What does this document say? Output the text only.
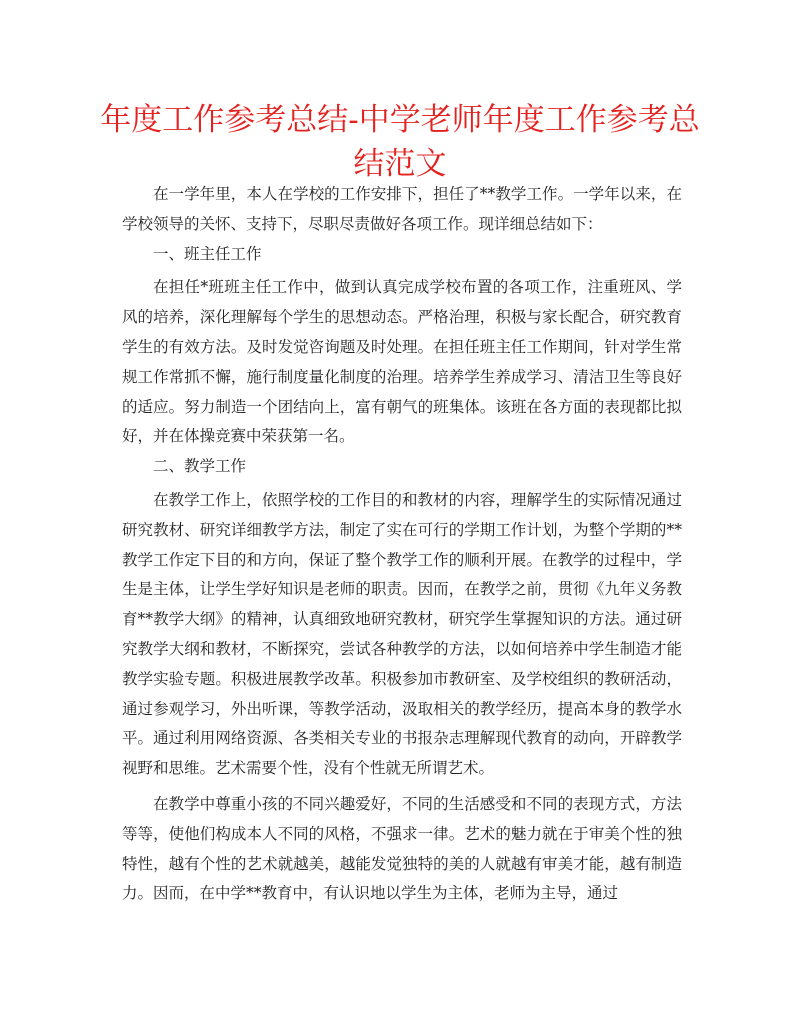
年度工作参考总结-中学老师年度工作参考总结范文

在一学年里，本人在学校的工作安排下，担任了**教学工作。一学年以来，在学校领导的关怀、支持下，尽职尽责做好各项工作。现详细总结如下：

一、班主任工作

在担任*班班主任工作中，做到认真完成学校布置的各项工作，注重班风、学风的培养，深化理解每个学生的思想动态。严格治理，积极与家长配合，研究教育学生的有效方法。及时发觉咨询题及时处理。在担任班主任工作期间，针对学生常规工作常抓不懈，施行制度量化制度的治理。培养学生养成学习、清洁卫生等良好的适应。努力制造一个团结向上，富有朝气的班集体。该班在各方面的表现都比拟好，并在体操竞赛中荣获第一名。

二、教学工作

在教学工作上，依照学校的工作目的和教材的内容，理解学生的实际情况通过研究教材、研究详细教学方法，制定了实在可行的学期工作计划，为整个学期的**教学工作定下目的和方向，保证了整个教学工作的顺利开展。在教学的过程中，学生是主体，让学生学好知识是老师的职责。因而，在教学之前，贯彻《九年义务教育**教学大纲》的精神，认真细致地研究教材，研究学生掌握知识的方法。通过研究教学大纲和教材，不断探究，尝试各种教学的方法，以如何培养中学生制造才能教学实验专题。积极进展教学改革。积极参加市教研室、及学校组织的教研活动，通过参观学习，外出听课，等教学活动，汲取相关的教学经历，提高本身的教学水平。通过利用网络资源、各类相关专业的书报杂志理解现代教育的动向，开辟教学视野和思维。艺术需要个性，没有个性就无所谓艺术。

在教学中尊重小孩的不同兴趣爱好，不同的生活感受和不同的表现方式，方法等等，使他们构成本人不同的风格，不强求一律。艺术的魅力就在于审美个性的独特性，越有个性的艺术就越美，越能发觉独特的美的人就越有审美才能，越有制造力。因而，在中学**教育中，有认识地以学生为主体，老师为主导，通过
